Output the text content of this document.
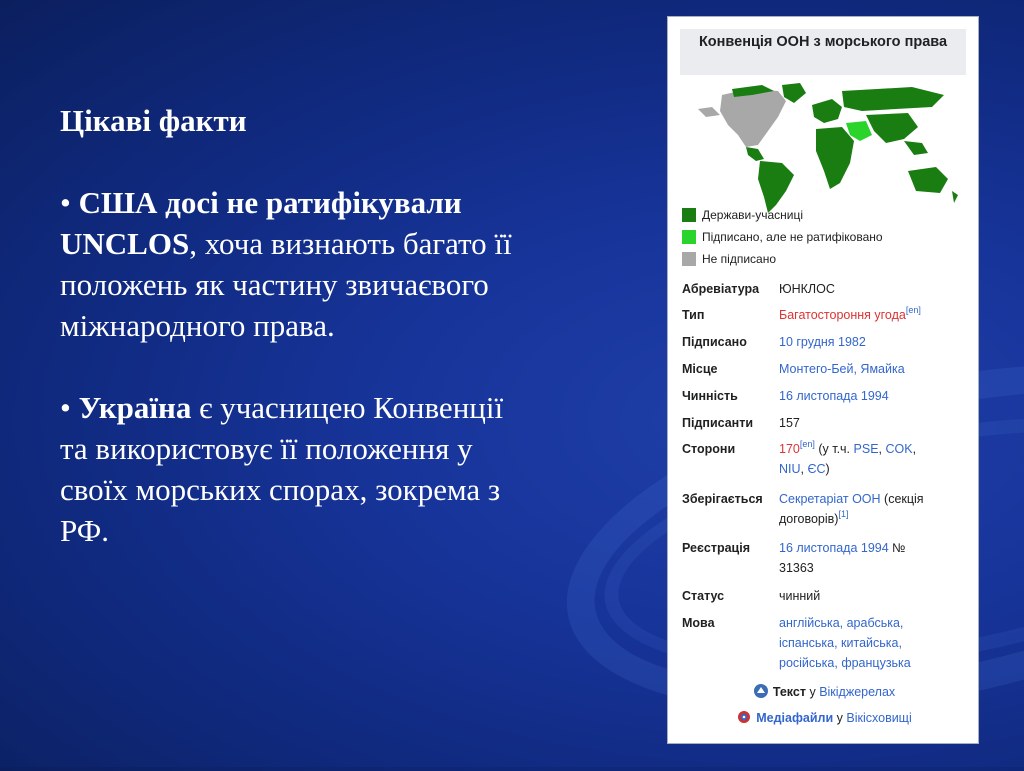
Цікаві факти

• США досі не ратифікували UNCLOS, хоча визнають багато її положень як частину звичаєвого міжнародного права.

• Україна є учасницею Конвенції та використовує її положення у своїх морських спорах, зокрема з РФ.

Конвенція ООН з морського права
Держави-учасниці
Підписано, але не ратифіковано
Не підписано
Абревіатура	ЮНКЛОС
Тип	Багатостороння угода[en]
Підписано	10 грудня 1982
Місце	Монтего-Бей, Ямайка
Чинність	16 листопада 1994
Підписанти	157
Сторони	170[en] (у т.ч. PSE, COK,
NIU, ЄС)
Зберігається	Секретаріат ООН (секція
договорів)[1]
Реєстрація	16 листопада 1994 №
31363
Статус	чинний
Мова	англійська, арабська,
іспанська, китайська,
російська, французька
Текст у Вікіджерелах
Медіафайли у Вікісховищі
